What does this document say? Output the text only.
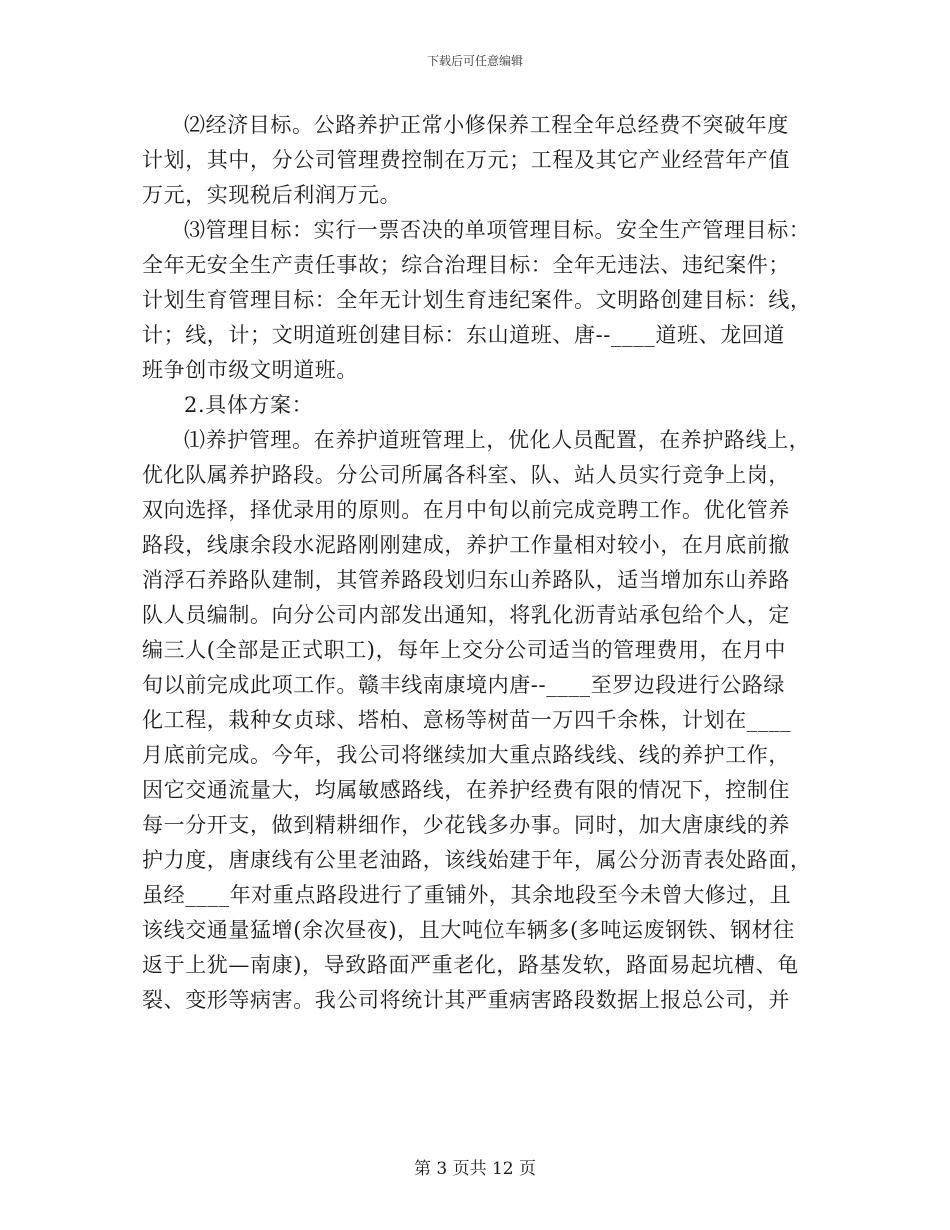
下载后可任意编辑
⑵经济目标。公路养护正常小修保养工程全年总经费不突破年度
计划，其中，分公司管理费控制在万元；工程及其它产业经营年产值
万元，实现税后利润万元。
⑶管理目标：实行一票否决的单项管理目标。安全生产管理目标：
全年无安全生产责任事故；综合治理目标：全年无违法、违纪案件；
计划生育管理目标：全年无计划生育违纪案件。文明路创建目标：线，
计；线，计；文明道班创建目标：东山道班、唐--____道班、龙回道
班争创市级文明道班。
2.具体方案：
⑴养护管理。在养护道班管理上，优化人员配置，在养护路线上，
优化队属养护路段。分公司所属各科室、队、站人员实行竞争上岗，
双向选择，择优录用的原则。在月中旬以前完成竞聘工作。优化管养
路段，线康余段水泥路刚刚建成，养护工作量相对较小，在月底前撤
消浮石养路队建制，其管养路段划归东山养路队，适当增加东山养路
队人员编制。向分公司内部发出通知，将乳化沥青站承包给个人，定
编三人(全部是正式职工)，每年上交分公司适当的管理费用，在月中
旬以前完成此项工作。赣丰线南康境内唐--____至罗边段进行公路绿
化工程，栽种女贞球、塔柏、意杨等树苗一万四千余株，计划在____
月底前完成。今年，我公司将继续加大重点路线线、线的养护工作，
因它交通流量大，均属敏感路线，在养护经费有限的情况下，控制住
每一分开支，做到精耕细作，少花钱多办事。同时，加大唐康线的养
护力度，唐康线有公里老油路，该线始建于年，属公分沥青表处路面，
虽经____年对重点路段进行了重铺外，其余地段至今未曾大修过，且
该线交通量猛增(余次昼夜)，且大吨位车辆多(多吨运废钢铁、钢材往
返于上犹—南康)，导致路面严重老化，路基发软，路面易起坑槽、龟
裂、变形等病害。我公司将统计其严重病害路段数据上报总公司，并
第 3 页共 12 页
